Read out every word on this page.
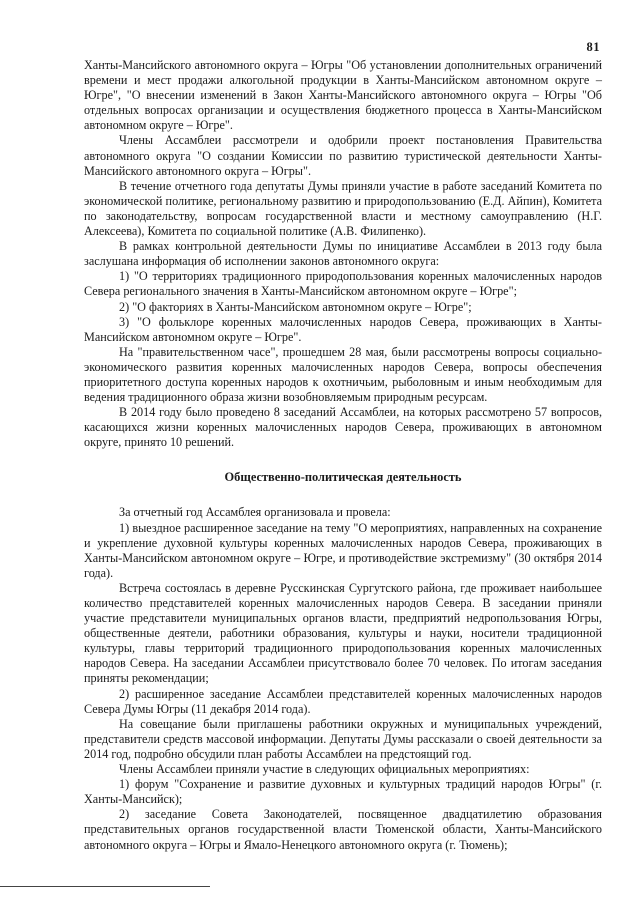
81

Ханты-Мансийского автономного округа – Югры "Об установлении дополнительных ограничений времени и мест продажи алкогольной продукции в Ханты-Мансийском автономном округе – Югре", "О внесении изменений в Закон Ханты-Мансийского автономного округа – Югры "Об отдельных вопросах организации и осуществления бюджетного процесса в Ханты-Мансийском автономном округе – Югре".

Члены Ассамблеи рассмотрели и одобрили проект постановления Правительства автономного округа "О создании Комиссии по развитию туристической деятельности Ханты-Мансийского автономного округа – Югры".

В течение отчетного года депутаты Думы приняли участие в работе заседаний Комитета по экономической политике, региональному развитию и природопользованию (Е.Д. Айпин), Комитета по законодательству, вопросам государственной власти и местному самоуправлению (Н.Г. Алексеева), Комитета по социальной политике (А.В. Филипенко).

В рамках контрольной деятельности Думы по инициативе Ассамблеи в 2013 году была заслушана информация об исполнении законов автономного округа:

1) "О территориях традиционного природопользования коренных малочисленных народов Севера регионального значения в Ханты-Мансийском автономном округе – Югре";

2) "О факториях в Ханты-Мансийском автономном округе – Югре";

3) "О фольклоре коренных малочисленных народов Севера, проживающих в Ханты-Мансийском автономном округе – Югре".

На "правительственном часе", прошедшем 28 мая, были рассмотрены вопросы социально-экономического развития коренных малочисленных народов Севера, вопросы обеспечения приоритетного доступа коренных народов к охотничьим, рыболовным и иным необходимым для ведения традиционного образа жизни возобновляемым природным ресурсам.

В 2014 году было проведено 8 заседаний Ассамблеи, на которых рассмотрено 57 вопросов, касающихся жизни коренных малочисленных народов Севера, проживающих в автономном округе, принято 10 решений.

Общественно-политическая деятельность

За отчетный год Ассамблея организовала и провела:

1) выездное расширенное заседание на тему "О мероприятиях, направленных на сохранение и укрепление духовной культуры коренных малочисленных народов Севера, проживающих в Ханты-Мансийском автономном округе – Югре, и противодействие экстремизму" (30 октября 2014 года).

Встреча состоялась в деревне Русскинская Сургутского района, где проживает наибольшее количество представителей коренных малочисленных народов Севера. В заседании приняли участие представители муниципальных органов власти, предприятий недропользования Югры, общественные деятели, работники образования, культуры и науки, носители традиционной культуры, главы территорий традиционного природопользования коренных малочисленных народов Севера. На заседании Ассамблеи присутствовало более 70 человек. По итогам заседания приняты рекомендации;

2) расширенное заседание Ассамблеи представителей коренных малочисленных народов Севера Думы Югры (11 декабря 2014 года).

На совещание были приглашены работники окружных и муниципальных учреждений, представители средств массовой информации. Депутаты Думы рассказали о своей деятельности за 2014 год, подробно обсудили план работы Ассамблеи на предстоящий год.

Члены Ассамблеи приняли участие в следующих официальных мероприятиях:

1) форум "Сохранение и развитие духовных и культурных традиций народов Югры" (г. Ханты-Мансийск);

2) заседание Совета Законодателей, посвященное двадцатилетию образования представительных органов государственной власти Тюменской области, Ханты-Мансийского автономного округа – Югры и Ямало-Ненецкого автономного округа (г. Тюмень);
